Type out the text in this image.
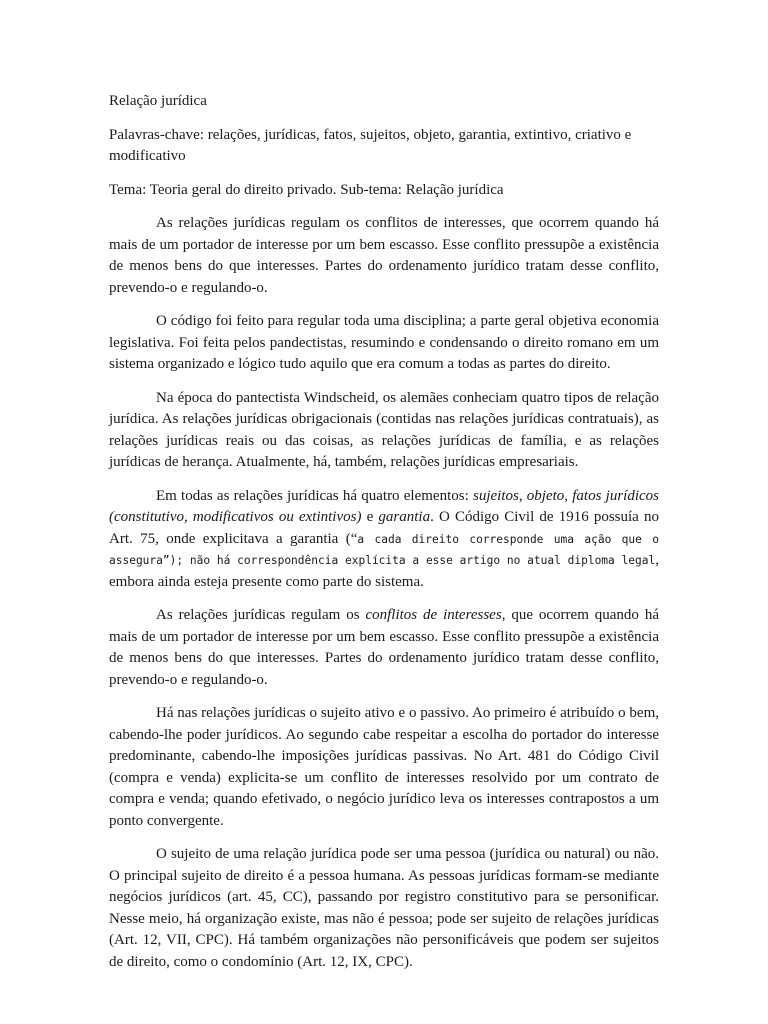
Relação jurídica

Palavras-chave: relações, jurídicas, fatos, sujeitos, objeto, garantia, extintivo, criativo e modificativo

Tema: Teoria geral do direito privado. Sub-tema: Relação jurídica

As relações jurídicas regulam os conflitos de interesses, que ocorrem quando há mais de um portador de interesse por um bem escasso. Esse conflito pressupõe a existência de menos bens do que interesses. Partes do ordenamento jurídico tratam desse conflito, prevendo-o e regulando-o.

O código foi feito para regular toda uma disciplina; a parte geral objetiva economia legislativa. Foi feita pelos pandectistas, resumindo e condensando o direito romano em um sistema organizado e lógico tudo aquilo que era comum a todas as partes do direito.

Na época do pantectista Windscheid, os alemães conheciam quatro tipos de relação jurídica. As relações jurídicas obrigacionais (contidas nas relações jurídicas contratuais), as relações jurídicas reais ou das coisas, as relações jurídicas de família, e as relações jurídicas de herança. Atualmente, há, também, relações jurídicas empresariais.

Em todas as relações jurídicas há quatro elementos: sujeitos, objeto, fatos jurídicos (constitutivo, modificativos ou extintivos) e garantia. O Código Civil de 1916 possuía no Art. 75, onde explicitava a garantia (“a cada direito corresponde uma ação que o assegura”); não há correspondência explícita a esse artigo no atual diploma legal, embora ainda esteja presente como parte do sistema.

As relações jurídicas regulam os conflitos de interesses, que ocorrem quando há mais de um portador de interesse por um bem escasso. Esse conflito pressupõe a existência de menos bens do que interesses. Partes do ordenamento jurídico tratam desse conflito, prevendo-o e regulando-o.

Há nas relações jurídicas o sujeito ativo e o passivo. Ao primeiro é atribuído o bem, cabendo-lhe poder jurídicos. Ao segundo cabe respeitar a escolha do portador do interesse predominante, cabendo-lhe imposições jurídicas passivas. No Art. 481 do Código Civil (compra e venda) explicita-se um conflito de interesses resolvido por um contrato de compra e venda; quando efetivado, o negócio jurídico leva os interesses contrapostos a um ponto convergente.

O sujeito de uma relação jurídica pode ser uma pessoa (jurídica ou natural) ou não. O principal sujeito de direito é a pessoa humana. As pessoas jurídicas formam-se mediante negócios jurídicos (art. 45, CC), passando por registro constitutivo para se personificar. Nesse meio, há organização existe, mas não é pessoa; pode ser sujeito de relações jurídicas (Art. 12, VII, CPC). Há também organizações não personificáveis que podem ser sujeitos de direito, como o condomínio (Art. 12, IX, CPC).
